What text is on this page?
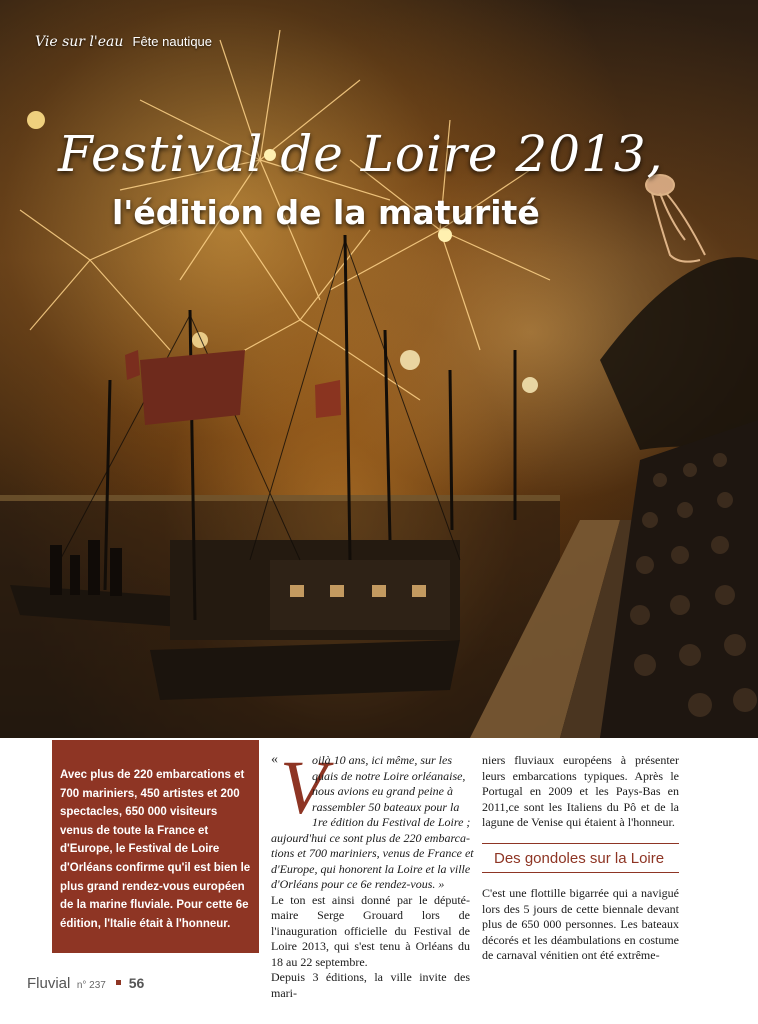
Vie sur l'eau Fête nautique
Festival de Loire 2013,
l'édition de la maturité

Avec plus de 220 embarcations et 700 mariniers, 450 artistes et 200 spectacles, 650 000 visiteurs venus de toute la France et d'Europe, le Festival de Loire d'Orléans confirme qu'il est bien le plus grand rendez-vous européen de la marine fluviale. Pour cette 6e édition, l'Italie était à l'honneur.

TEXTE ET PHOTOS CHRISTIAN BEAUDIN

« V
oilà 10 ans, ici même, sur les
quais de notre Loire orléanaise,
nous avions eu grand peine à
rassembler 50 bateaux pour la
1re édition du Festival de Loire ;
aujourd'hui ce sont plus de 220 embarca-
tions et 700 mariniers, venus de France et
d'Europe, qui honorent la Loire et la ville
d'Orléans pour ce 6e rendez-vous. »

Le ton est ainsi donné par le député-maire Serge Grouard lors de l'inauguration officielle du Festival de Loire 2013, qui s'est tenu à Orléans du 18 au 22 septembre.

Depuis 3 éditions, la ville invite des mari-

niers fluviaux européens à présenter leurs embarcations typiques. Après le Portugal en 2009 et les Pays-Bas en 2011,ce sont les Italiens du Pô et de la lagune de Venise qui étaient à l'honneur.

Des gondoles sur la Loire

C'est une flottille bigarrée qui a navigué lors des 5 jours de cette biennale devant plus de 650 000 personnes. Les bateaux décorés et les déambulations en costume de carnaval vénitien ont été extrême-

Fluvial n° 237 56
